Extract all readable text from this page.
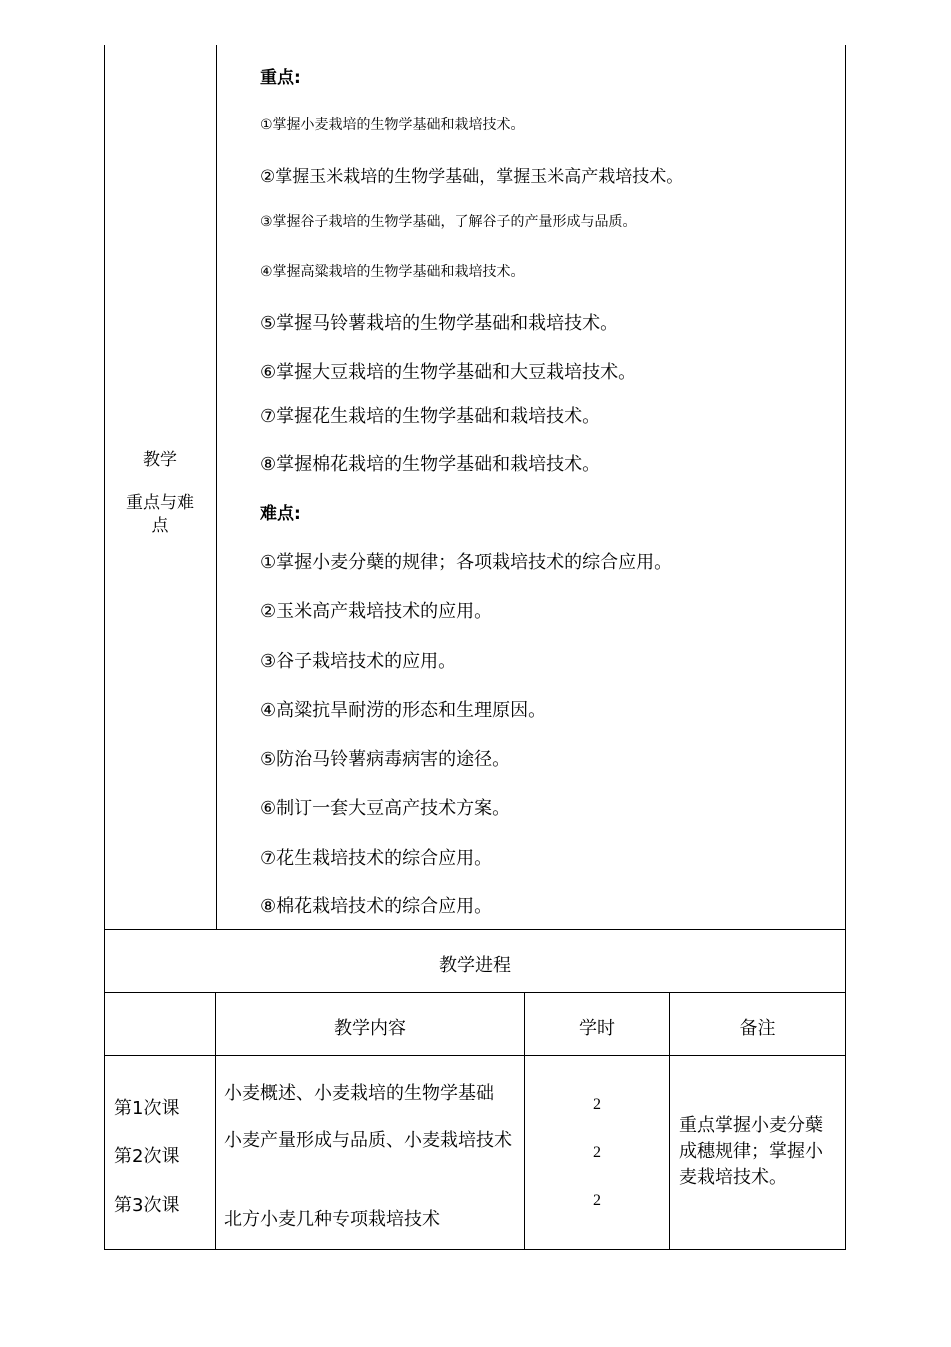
教学
重点与难
点
重点:
①掌握小麦栽培的生物学基础和栽培技术。
②掌握玉米栽培的生物学基础，掌握玉米高产栽培技术。
③掌握谷子栽培的生物学基础，了解谷子的产量形成与品质。
④掌握高粱栽培的生物学基础和栽培技术。
⑤掌握马铃薯栽培的生物学基础和栽培技术。
⑥掌握大豆栽培的生物学基础和大豆栽培技术。
⑦掌握花生栽培的生物学基础和栽培技术。
⑧掌握棉花栽培的生物学基础和栽培技术。
难点:
①掌握小麦分蘖的规律；各项栽培技术的综合应用。
②玉米高产栽培技术的应用。
③谷子栽培技术的应用。
④高粱抗旱耐涝的形态和生理原因。
⑤防治马铃薯病毒病害的途径。
⑥制订一套大豆高产技术方案。
⑦花生栽培技术的综合应用。
⑧棉花栽培技术的综合应用。
教学进程
教学内容	学时	备注
第1次课
第2次课
第3次课
小麦概述、小麦栽培的生物学基础
小麦产量形成与品质、小麦栽培技术
北方小麦几种专项栽培技术
2
2
2
重点掌握小麦分蘖成穗规律；掌握小麦栽培技术。
